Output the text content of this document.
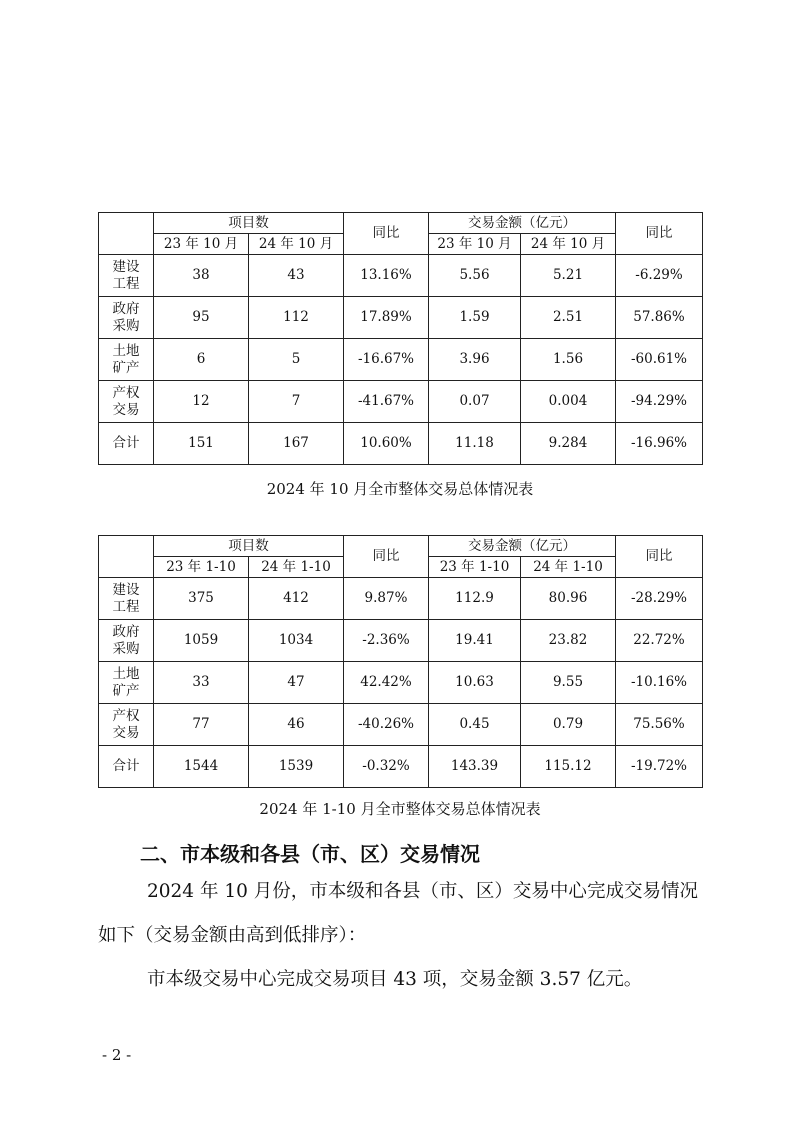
	项目数		同比	交易金额（亿元）		同比
	23 年 10 月	24 年 10 月		23 年 10 月	24 年 10 月	
建设
工程	38	43	13.16%	5.56	5.21	-6.29%
政府
采购	95	112	17.89%	1.59	2.51	57.86%
土地
矿产	6	5	-16.67%	3.96	1.56	-60.61%
产权
交易	12	7	-41.67%	0.07	0.004	-94.29%
合计	151	167	10.60%	11.18	9.284	-16.96%
2024 年 10 月全市整体交易总体情况表
	项目数		同比	交易金额（亿元）		同比
	23 年 1-10	24 年 1-10		23 年 1-10	24 年 1-10	
建设
工程	375	412	9.87%	112.9	80.96	-28.29%
政府
采购	1059	1034	-2.36%	19.41	23.82	22.72%
土地
矿产	33	47	42.42%	10.63	9.55	-10.16%
产权
交易	77	46	-40.26%	0.45	0.79	75.56%
合计	1544	1539	-0.32%	143.39	115.12	-19.72%
2024 年 1-10 月全市整体交易总体情况表
二、市本级和各县（市、区）交易情况
2024 年 10 月份，市本级和各县（市、区）交易中心完成交易情况如下（交易金额由高到低排序）：
市本级交易中心完成交易项目 43 项，交易金额 3.57 亿元。
- 2 -
